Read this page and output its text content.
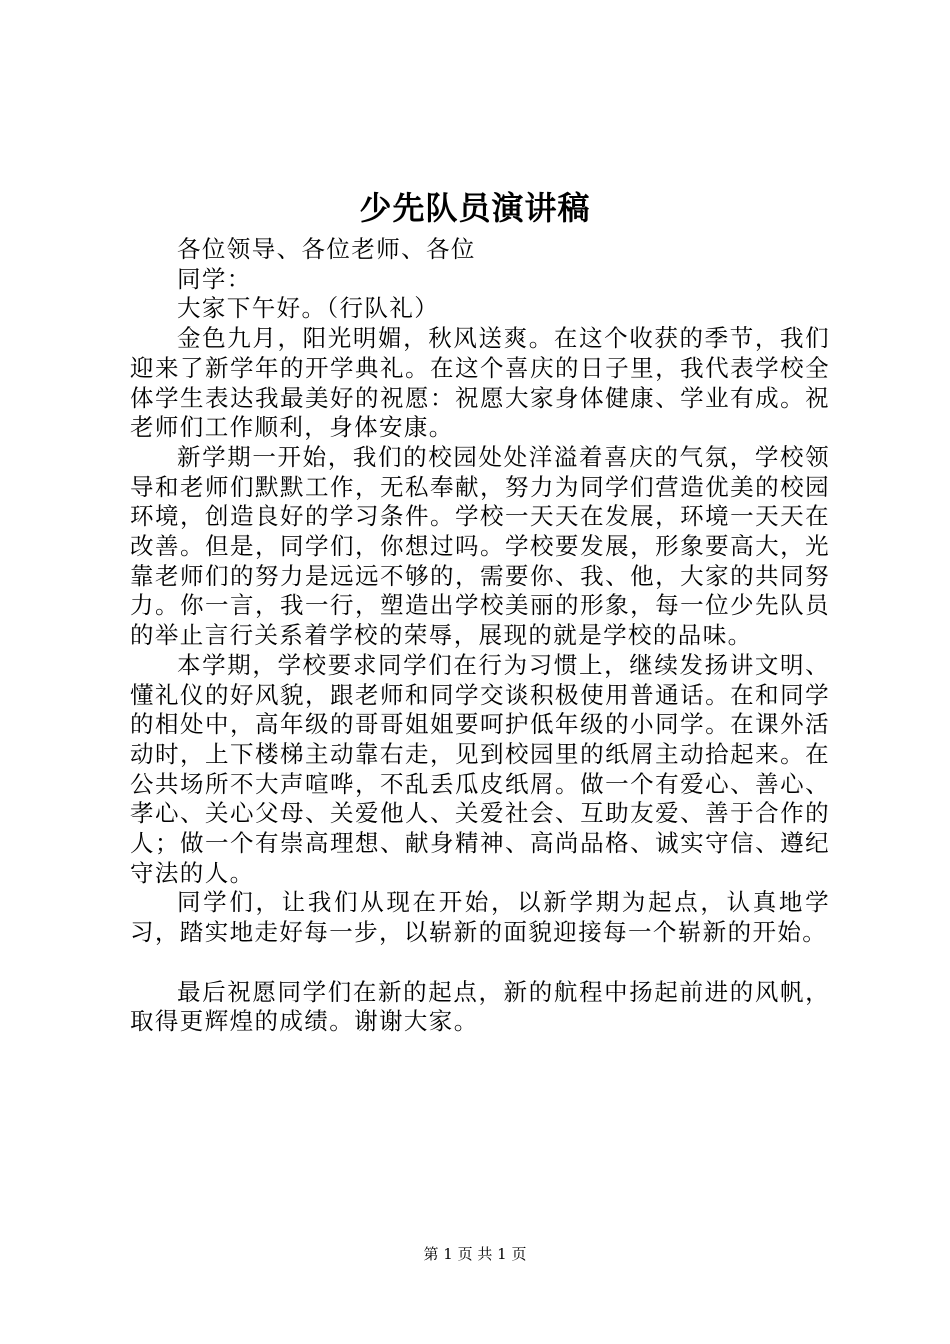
少先队员演讲稿

各位领导、各位老师、各位

同学：

大家下午好。（行队礼）

金色九月，阳光明媚，秋风送爽。在这个收获的季节，我们迎来了新学年的开学典礼。在这个喜庆的日子里，我代表学校全体学生表达我最美好的祝愿：祝愿大家身体健康、学业有成。祝老师们工作顺利，身体安康。

新学期一开始，我们的校园处处洋溢着喜庆的气氛，学校领导和老师们默默工作，无私奉献，努力为同学们营造优美的校园环境，创造良好的学习条件。学校一天天在发展，环境一天天在改善。但是，同学们，你想过吗。学校要发展，形象要高大，光靠老师们的努力是远远不够的，需要你、我、他，大家的共同努力。你一言，我一行，塑造出学校美丽的形象，每一位少先队员的举止言行关系着学校的荣辱，展现的就是学校的品味。

本学期，学校要求同学们在行为习惯上，继续发扬讲文明、懂礼仪的好风貌，跟老师和同学交谈积极使用普通话。在和同学的相处中，高年级的哥哥姐姐要呵护低年级的小同学。在课外活动时，上下楼梯主动靠右走，见到校园里的纸屑主动拾起来。在公共场所不大声喧哗，不乱丢瓜皮纸屑。做一个有爱心、善心、孝心、关心父母、关爱他人、关爱社会、互助友爱、善于合作的人；做一个有崇高理想、献身精神、高尚品格、诚实守信、遵纪守法的人。

同学们，让我们从现在开始，以新学期为起点，认真地学习，踏实地走好每一步，以崭新的面貌迎接每一个崭新的开始。

最后祝愿同学们在新的起点，新的航程中扬起前进的风帆，取得更辉煌的成绩。谢谢大家。

第 1 页 共 1 页
